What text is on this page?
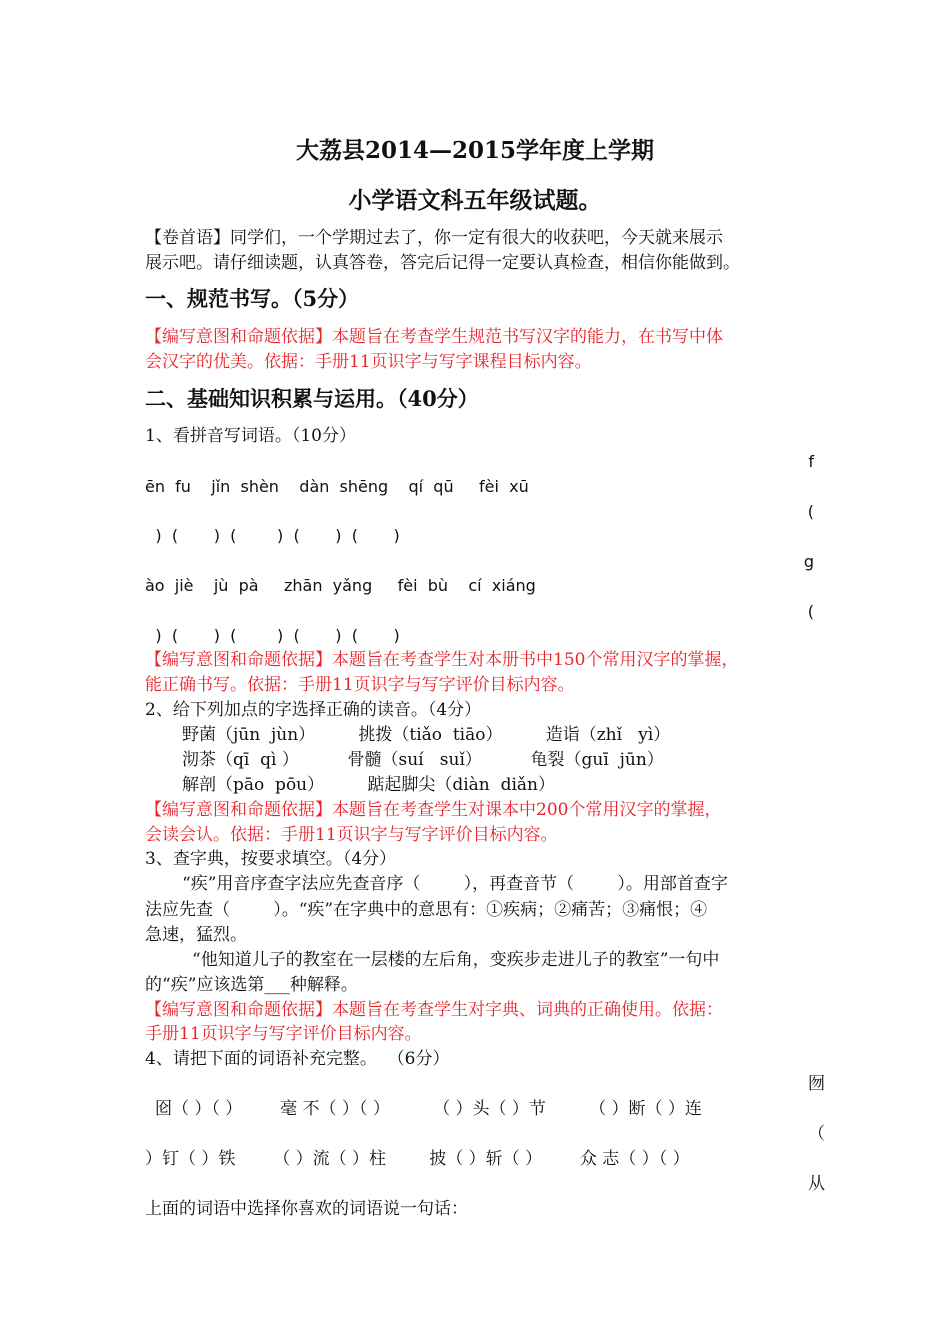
大荔县2014—2015学年度上学期
小学语文科五年级试题。
【卷首语】同学们，一个学期过去了，你一定有很大的收获吧，今天就来展示
展示吧。请仔细读题，认真答卷，答完后记得一定要认真检查，相信你能做到。
一、规范书写。（5分）
【编写意图和命题依据】本题旨在考查学生规范书写汉字的能力，在书写中体
会汉字的优美。依据：手册11页识字与写字课程目标内容。
二、基础知识积累与运用。（40分）
1、看拼音写词语。（10分）
f
ēn  fu    jǐn  shèn    dàn  shēng    qí  qū     fèi  xū
(
)  (       )  (        )  (       )  (       )
g
ào  jiè    jù  pà     zhān  yǎng     fèi  bù    cí  xiáng
(
)  (       )  (        )  (       )  (       )
【编写意图和命题依据】本题旨在考查学生对本册书中150个常用汉字的掌握，
能正确书写。依据：手册11页识字与写字评价目标内容。
2、给下列加点的字选择正确的读音。（4分）
野菌（jūn  jùn）        挑拨（tiǎo  tiāo）        造诣（zhǐ   yì）
沏茶（qī  qì ）         骨髓（suí   suǐ）         龟裂（guī  jūn）
解剖（pāo  pōu）        踮起脚尖（diàn  diǎn）
【编写意图和命题依据】本题旨在考查学生对课本中200个常用汉字的掌握，
会读会认。依据：手册11页识字与写字评价目标内容。
3、查字典，按要求填空。（4分）
“疾”用音序查字法应先查音序（        ），再查音节（        ）。用部首查字
法应先查（        ）。“疾”在字典中的意思有：①疾病；②痛苦；③痛恨；④
急速，猛烈。
“他知道儿子的教室在一层楼的左后角，变疾步走进儿子的教室”一句中
的“疾”应该选第___种解释。
【编写意图和命题依据】本题旨在考查学生对字典、词典的正确使用。依据：
手册11页识字与写字评价目标内容。
4、请把下面的词语补充完整。  （6分）
囫
囵（ ）（ ）       毫 不（ ）（ ）        （ ）头（ ）节        （ ）断（ ）连
（
）钉（ ）铁       （ ）流（ ）柱        披（ ）斩（ ）       众 志（ ）（ ）
从
上面的词语中选择你喜欢的词语说一句话：
